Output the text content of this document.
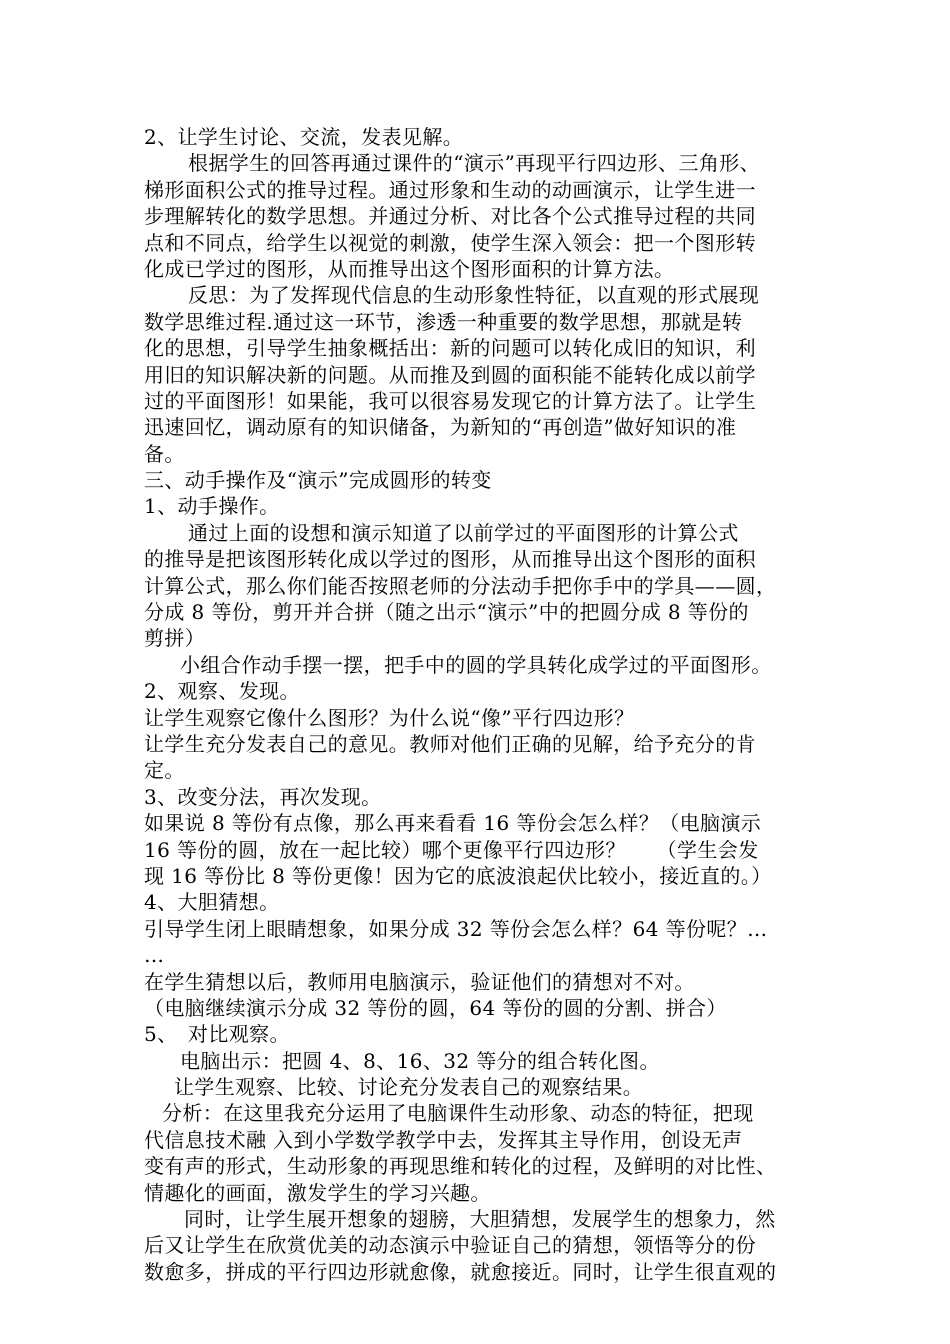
2、让学生讨论、交流，发表见解。
根据学生的回答再通过课件的“演示”再现平行四边形、三角形、
梯形面积公式的推导过程。通过形象和生动的动画演示，让学生进一
步理解转化的数学思想。并通过分析、对比各个公式推导过程的共同
点和不同点，给学生以视觉的刺激，使学生深入领会：把一个图形转
化成已学过的图形，从而推导出这个图形面积的计算方法。
反思：为了发挥现代信息的生动形象性特征，以直观的形式展现
数学思维过程.通过这一环节，渗透一种重要的数学思想，那就是转
化的思想，引导学生抽象概括出：新的问题可以转化成旧的知识，利
用旧的知识解决新的问题。从而推及到圆的面积能不能转化成以前学
过的平面图形！如果能，我可以很容易发现它的计算方法了。让学生
迅速回忆，调动原有的知识储备，为新知的“再创造”做好知识的准
备。
三、动手操作及“演示”完成圆形的转变
1、动手操作。
通过上面的设想和演示知道了以前学过的平面图形的计算公式
的推导是把该图形转化成以学过的图形，从而推导出这个图形的面积
计算公式，那么你们能否按照老师的分法动手把你手中的学具——圆，
分成 8 等份，剪开并合拼（随之出示“演示”中的把圆分成 8 等份的
剪拼）
小组合作动手摆一摆，把手中的圆的学具转化成学过的平面图形。
2、观察、发现。
让学生观察它像什么图形？为什么说“像”平行四边形？
让学生充分发表自己的意见。教师对他们正确的见解，给予充分的肯
定。
3、改变分法，再次发现。
如果说 8 等份有点像，那么再来看看 16 等份会怎么样？（电脑演示
16 等份的圆，放在一起比较）哪个更像平行四边形？　　（学生会发
现 16 等份比 8 等份更像！因为它的底波浪起伏比较小，接近直的。）
4、大胆猜想。
引导学生闭上眼睛想象，如果分成 32 等份会怎么样？64 等份呢？…
…
在学生猜想以后，教师用电脑演示，验证他们的猜想对不对。
（电脑继续演示分成 32 等份的圆，64 等份的圆的分割、拼合）
5、　对比观察。
电脑出示：把圆 4、8、16、32 等分的组合转化图。
让学生观察、比较、讨论充分发表自己的观察结果。
分析：在这里我充分运用了电脑课件生动形象、动态的特征，把现
代信息技术融 入到小学数学教学中去，发挥其主导作用，创设无声
变有声的形式，生动形象的再现思维和转化的过程，及鲜明的对比性、
情趣化的画面，激发学生的学习兴趣。
同时，让学生展开想象的翅膀，大胆猜想，发展学生的想象力，然
后又让学生在欣赏优美的动态演示中验证自己的猜想，领悟等分的份
数愈多，拼成的平行四边形就愈像，就愈接近。同时，让学生很直观的
